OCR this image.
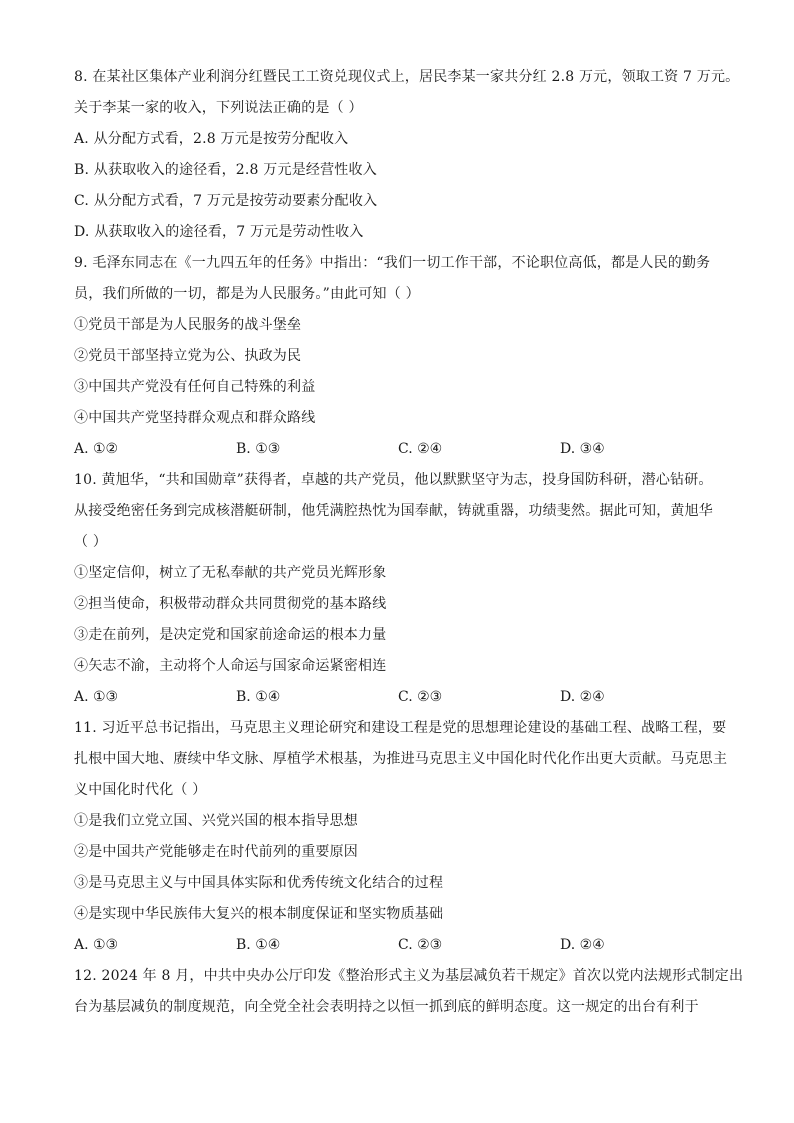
8. 在某社区集体产业利润分红暨民工工资兑现仪式上，居民李某一家共分红 2.8 万元，领取工资 7 万元。
关于李某一家的收入，下列说法正确的是（ ）
A. 从分配方式看，2.8 万元是按劳分配收入
B. 从获取收入的途径看，2.8 万元是经营性收入
C. 从分配方式看，7 万元是按劳动要素分配收入
D. 从获取收入的途径看，7 万元是劳动性收入
9. 毛泽东同志在《一九四五年的任务》中指出：“我们一切工作干部，不论职位高低，都是人民的勤务
员，我们所做的一切，都是为人民服务。”由此可知（ ）
①党员干部是为人民服务的战斗堡垒
②党员干部坚持立党为公、执政为民
③中国共产党没有任何自己特殊的利益
④中国共产党坚持群众观点和群众路线
A. ①②	B. ①③	C. ②④	D. ③④
10. 黄旭华，“共和国勋章”获得者，卓越的共产党员，他以默默坚守为志，投身国防科研，潜心钻研。
从接受绝密任务到完成核潜艇研制，他凭满腔热忱为国奉献，铸就重器，功绩斐然。据此可知，黄旭华
（ ）
①坚定信仰，树立了无私奉献的共产党员光辉形象
②担当使命，积极带动群众共同贯彻党的基本路线
③走在前列，是决定党和国家前途命运的根本力量
④矢志不渝，主动将个人命运与国家命运紧密相连
A. ①③	B. ①④	C. ②③	D. ②④
11. 习近平总书记指出，马克思主义理论研究和建设工程是党的思想理论建设的基础工程、战略工程，要
扎根中国大地、赓续中华文脉、厚植学术根基，为推进马克思主义中国化时代化作出更大贡献。马克思主
义中国化时代化（ ）
①是我们立党立国、兴党兴国的根本指导思想
②是中国共产党能够走在时代前列的重要原因
③是马克思主义与中国具体实际和优秀传统文化结合的过程
④是实现中华民族伟大复兴的根本制度保证和坚实物质基础
A. ①③	B. ①④	C. ②③	D. ②④
12. 2024 年 8 月，中共中央办公厅印发《整治形式主义为基层减负若干规定》首次以党内法规形式制定出
台为基层减负的制度规范，向全党全社会表明持之以恒一抓到底的鲜明态度。这一规定的出台有利于
